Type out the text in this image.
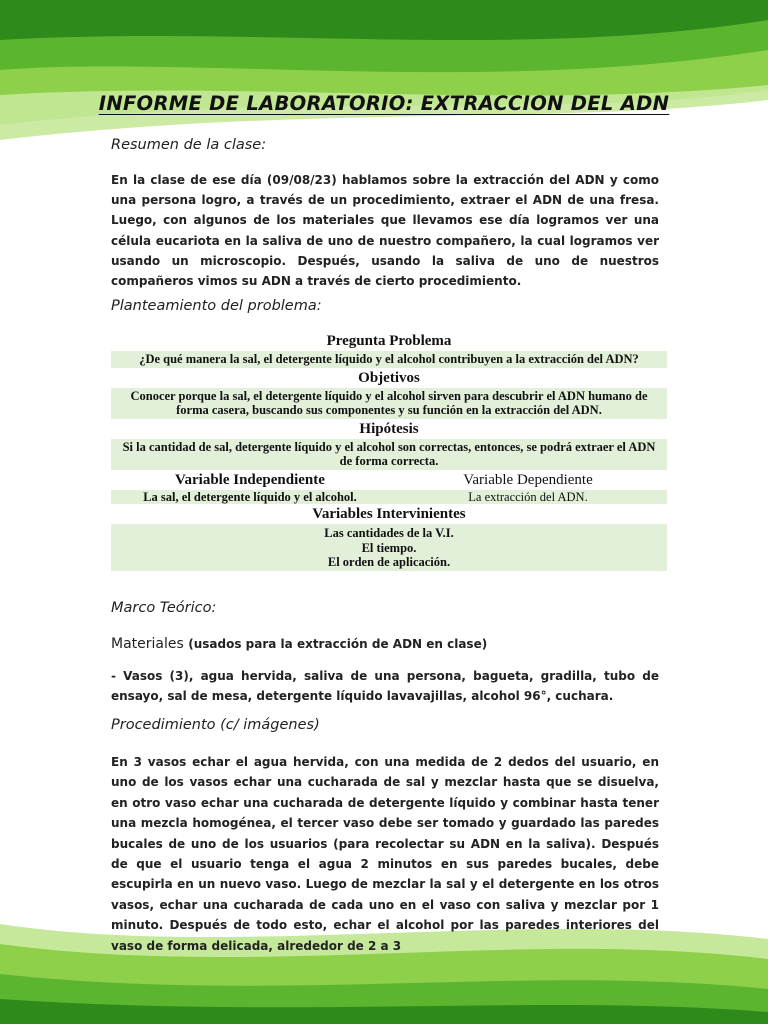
INFORME DE LABORATORIO: EXTRACCION DEL ADN

Resumen de la clase:

En la clase de ese día (09/08/23) hablamos sobre la extracción del ADN y como una persona logro, a través de un procedimiento, extraer el ADN de una fresa. Luego, con algunos de los materiales que llevamos ese día logramos ver una célula eucariota en la saliva de uno de nuestro compañero, la cual logramos ver usando un microscopio. Después, usando la saliva de uno de nuestros compañeros vimos su ADN a través de cierto procedimiento.

Planteamiento del problema:

Pregunta Problema
¿De qué manera la sal, el detergente líquido y el alcohol contribuyen a la extracción del ADN?
Objetivos
Conocer porque la sal, el detergente líquido y el alcohol sirven para descubrir el ADN humano de forma casera, buscando sus componentes y su función en la extracción del ADN.
Hipótesis
Si la cantidad de sal, detergente líquido y el alcohol son correctas, entonces, se podrá extraer el ADN de forma correcta.
Variable Independiente	Variable Dependiente
La sal, el detergente líquido y el alcohol.	La extracción del ADN.
Variables Intervinientes
Las cantidades de la V.I.
El tiempo.
El orden de aplicación.

Marco Teórico:

Materiales (usados para la extracción de ADN en clase)

- Vasos (3), agua hervida, saliva de una persona, bagueta, gradilla, tubo de ensayo, sal de mesa, detergente líquido lavavajillas, alcohol 96°, cuchara.

Procedimiento (c/ imágenes)

En 3 vasos echar el agua hervida, con una medida de 2 dedos del usuario, en uno de los vasos echar una cucharada de sal y mezclar hasta que se disuelva, en otro vaso echar una cucharada de detergente líquido y combinar hasta tener una mezcla homogénea, el tercer vaso debe ser tomado y guardado las paredes bucales de uno de los usuarios (para recolectar su ADN en la saliva). Después de que el usuario tenga el agua 2 minutos en sus paredes bucales, debe escupirla en un nuevo vaso. Luego de mezclar la sal y el detergente en los otros vasos, echar una cucharada de cada uno en el vaso con saliva y mezclar por 1 minuto. Después de todo esto, echar el alcohol por las paredes interiores del vaso de forma delicada, alrededor de 2 a 3
